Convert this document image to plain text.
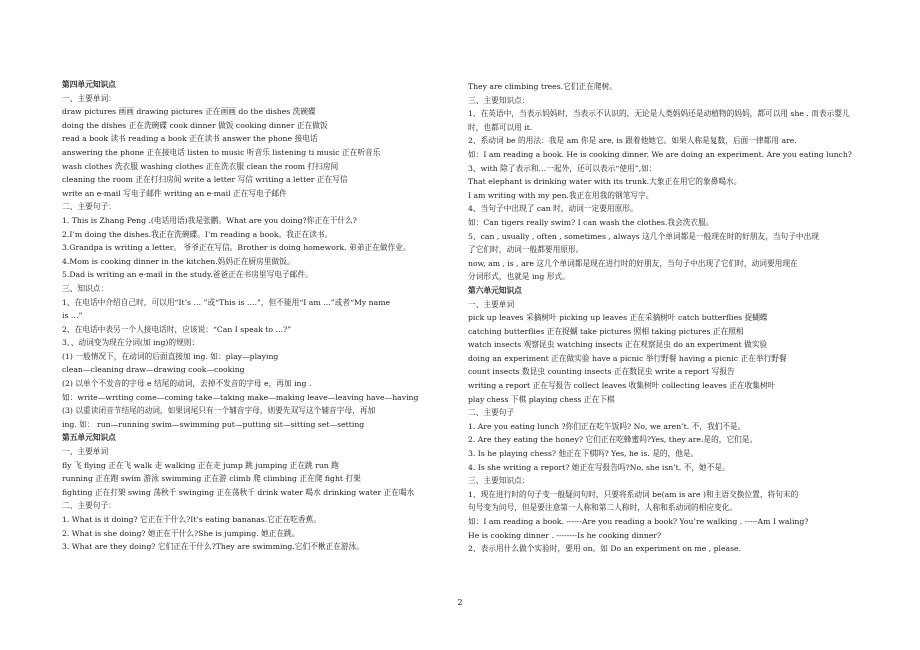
第四单元知识点
一、主要单词：
draw pictures 画画 drawing pictures 正在画画 do the dishes 洗碗碟
doing the dishes 正在洗碗碟 cook dinner 做饭 cooking dinner 正在做饭
read a book 读书 reading a book 正在读书 answer the phone 接电话
answering the phone 正在接电话 listen to music 听音乐 listening ti music 正在听音乐
wash clothes 洗衣服 washing clothes 正在洗衣服 clean the room 打扫房间
cleaning the room 正在打扫房间 write a letter 写信 writing a letter 正在写信
write an e-mail 写电子邮件 writing an e-mail 正在写电子邮件
二、主要句子：
1. This is Zhang Peng .(电话用语)我是张鹏。What are you doing?你正在干什么?
2.I’m doing the dishes.我正在洗碗碟。I’m reading a book。我正在读书。
3.Grandpa is writing a letter。 爷爷正在写信。Brother is doing homework. 弟弟正在做作业。
4.Mom is cooking dinner in the kitchen.妈妈正在厨房里做饭。
5.Dad is writing an e-mail in the study.爸爸正在书房里写电子邮件。
三、知识点：
1、在电话中介绍自己时，可以用“It’s … ”或“This is ….”，但不能用“I am …”或者“My name
is …”
2、在电话中表另一个人接电话时，应该说：“Can I speak to …?”
3、、动词变为现在分词(加 ing)的规则：
(1) 一般情况下，在动词的后面直接加 ing. 如：play—playing
clean—cleaning draw—drawing cook—cooking
(2) 以单个不发音的字母 e 结尾的动词，去掉不发音的字母 e，再加 ing .
如：write—writing come—coming take—taking make—making leave—leaving have—having
(3) 以重读闭音节结尾的动词，如果词尾只有一个辅音字母，则要先双写这个辅音字母，再加
ing. 如： run—running swim—swimming put—putting sit—sitting set—setting
第五单元知识点
一、主要单词
fly 飞 flying 正在飞 walk 走 walking 正在走 jump 跳 jumping 正在跳 run 跑
running 正在跑 swim 游泳 swimming 正在游 climb 爬 climbing 正在爬 fight 打架
fighting 正在打架 swing 荡秋千 swinging 正在荡秋千 drink water 喝水 drinking water 正在喝水
二、主要句子：
1. What is it doing? 它正在干什么?It’s eating bananas.它正在吃香蕉。
2. What is she doing? 她正在干什么?She is jumping. 她正在跳。
3. What are they doing? 它们正在干什么?They are swimming.它们不楸正在游泳。
They are climbing trees.它们正在爬树。
三、主要知识点：
1、在英语中，当表示妈妈时，当表示不认识的，无论是人类妈妈还是动植物的妈妈，都可以用 she . 而表示婴儿
时，也都可以用 it.
2、系动词 be 的用法：我是 am 你是 are, is 跟着他她它。如果人称是复数，后面一律都用 are.
如：I am reading a book. He is cooking dinner. We are doing an experiment. Are you eating lunch?
3、with 除了表示和…一起外，还可以表示“使用”,如：
That elephant is drinking water with its trunk.大象正在用它的象鼻喝水。
I am writing with my pen.我正在用我的钢笔写字。
4、当句子中出现了 can 时，动词一定要用原形。
如：Can tigers really swim? I can wash the clothes.我会洗衣服。
5、can , usually , often , sometimes , always 这几个单词都是一般现在时的好朋友，当句子中出现
了它们时，动词一般都要用原形。
now, am , is , are 这几个单词都是现在进行时的好朋友，当句子中出现了它们时，动词要用现在
分词形式，也就是 ing 形式。
第六单元知识点
一、主要单词
pick up leaves 采摘树叶 picking up leaves 正在采摘树叶 catch butterflies 捉蝴蝶
catching butterflies 正在捉蝴 take pictures 照相 taking pictures 正在照相
watch insects 观察昆虫 watching insects 正在观察昆虫 do an experiment 做实验
doing an experiment 正在做实验 have a picnic 举行野餐 having a picnic 正在举行野餐
count insects 数昆虫 counting insects 正在数昆虫 write a report 写报告
writing a report 正在写报告 collect leaves 收集树叶 collecting leaves 正在收集树叶
play chess 下棋 playing chess 正在下棋
二、主要句子
1. Are you eating lunch ?你们正在吃午饭吗? No, we aren’t. 不，我们不是。
2. Are they eating the honey? 它们正在吃蜂蜜吗?Yes, they are.是的，它们是。
3. Is he playing chess? 他正在下棋吗? Yes, he is. 是的，他是。
4. Is she writing a report? 她正在写报告吗?No, she isn’t. 不，她不是。
三、主要知识点：
1、现在进行时的句子变一般疑问句时，只要将系动词 be(am is are )和主语交换位置，将句末的
句号变为问号，但是要注意第一人称和第二人称时，人称和系动词的相应变化。
如：I am reading a book. ------Are you reading a book? You’re walking . -----Am I waling?
He is cooking dinner . --------Is he cooking dinner?
2、表示用什么做个实验时，要用 on。如 Do an experiment on me , please.
2
